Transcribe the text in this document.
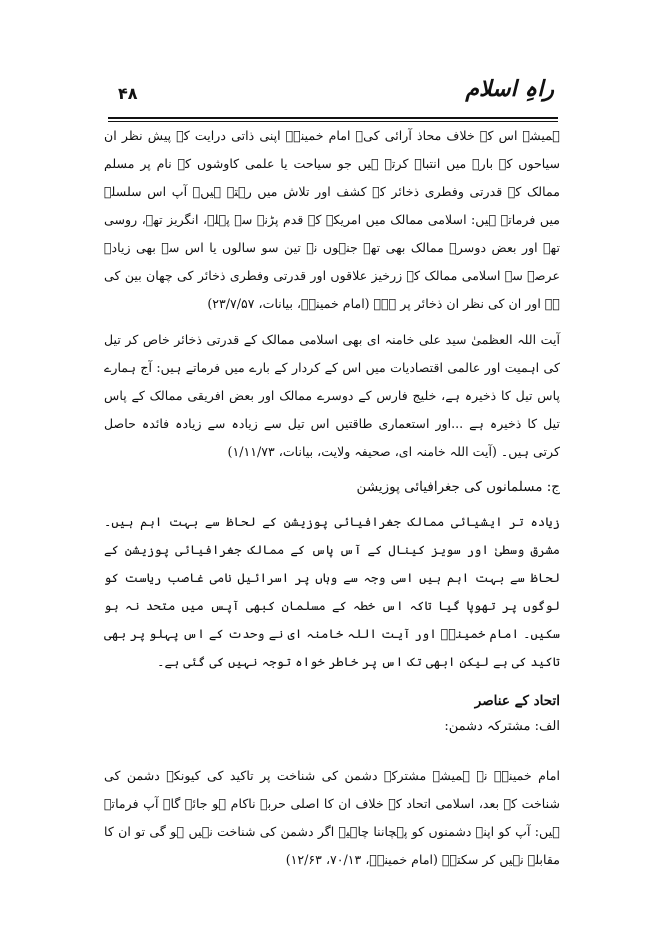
۴۸	راہِ اسلام

ہمیشہ اس کے خلاف محاذ آرائی کی۔ امام خمینیؒ اپنی ذاتی درایت کے پیش نظر ان سیاحوں کے بارے میں انتباہ کرتے ہیں جو سیاحت یا علمی کاوشوں کے نام پر مسلم ممالک کے قدرتی وفطری ذخائر کے کشف اور تلاش میں رہتے ہیں۔ آپ اس سلسلہ میں فرماتے ہیں: اسلامی ممالک میں امریکہ کے قدم پڑنے سے پہلے، انگریز تھے، روسی تھے اور بعض دوسرے ممالک بھی تھے جنہوں نے تین سو سالوں یا اس سے بھی زیادہ عرصہ سے اسلامی ممالک کے زرخیز علاقوں اور قدرتی وفطری ذخائر کی چھان بین کی ہے اور ان کی نظر ان ذخائر پر ہے۔ (امام خمینیؒ، بیانات، ۲۳/۷/۵۷)

آیت اللہ العظمیٰ سید علی خامنہ ای بھی اسلامی ممالک کے قدرتی ذخائر خاص کر تیل کی اہمیت اور عالمی اقتصادیات میں اس کے کردار کے بارے میں فرماتے ہیں: آج ہمارے پاس تیل کا ذخیرہ ہے، خلیج فارس کے دوسرے ممالک اور بعض افریقی ممالک کے پاس تیل کا ذخیرہ ہے ...اور استعماری طاقتیں اس تیل سے زیادہ سے زیادہ فائدہ حاصل کرتی ہیں۔ (آیت اللہ خامنہ ای، صحیفہ ولایت، بیانات، ۱/۱۱/۷۳)

ج: مسلمانوں کی جغرافیائی پوزیشن

زیادہ تر ایشیائی ممالک جغرافیائی پوزیشن کے لحاظ سے بہت اہم ہیں۔ مشرق وسطیٰ اور سویز کینال کے آس پاس کے ممالک جغرافیائی پوزیشن کے لحاظ سے بہت اہم ہیں اسی وجہ سے وہاں پر اسرائیل نامی غاصب ریاست کو لوگوں پر تھوپا گیا تاکہ اس خطہ کے مسلمان کبھی آپس میں متحد نہ ہو سکیں۔ امام خمینیؒ اور آیت اللہ خامنہ ای نے وحدت کے اس پہلو پر بھی تاکید کی ہے لیکن ابھی تک اس پر خاطر خواہ توجہ نہیں کی گئی ہے۔

اتحاد کے عناصر

الف: مشترکہ دشمن:

امام خمینیؒ نے ہمیشہ مشترکہ دشمن کی شناخت پر تاکید کی کیونکہ دشمن کی شناخت کے بعد، اسلامی اتحاد کے خلاف ان کا اصلی حربہ ناکام ہو جائے گا۔ آپ فرماتے ہیں: آپ کو اپنے دشمنوں کو پہچاننا چاہیے اگر دشمن کی شناخت نہیں ہو گی تو ان کا مقابلہ نہیں کر سکتے۔ (امام خمینیؒ، ۷۰/۱۳، ۱۲/۶۳)
